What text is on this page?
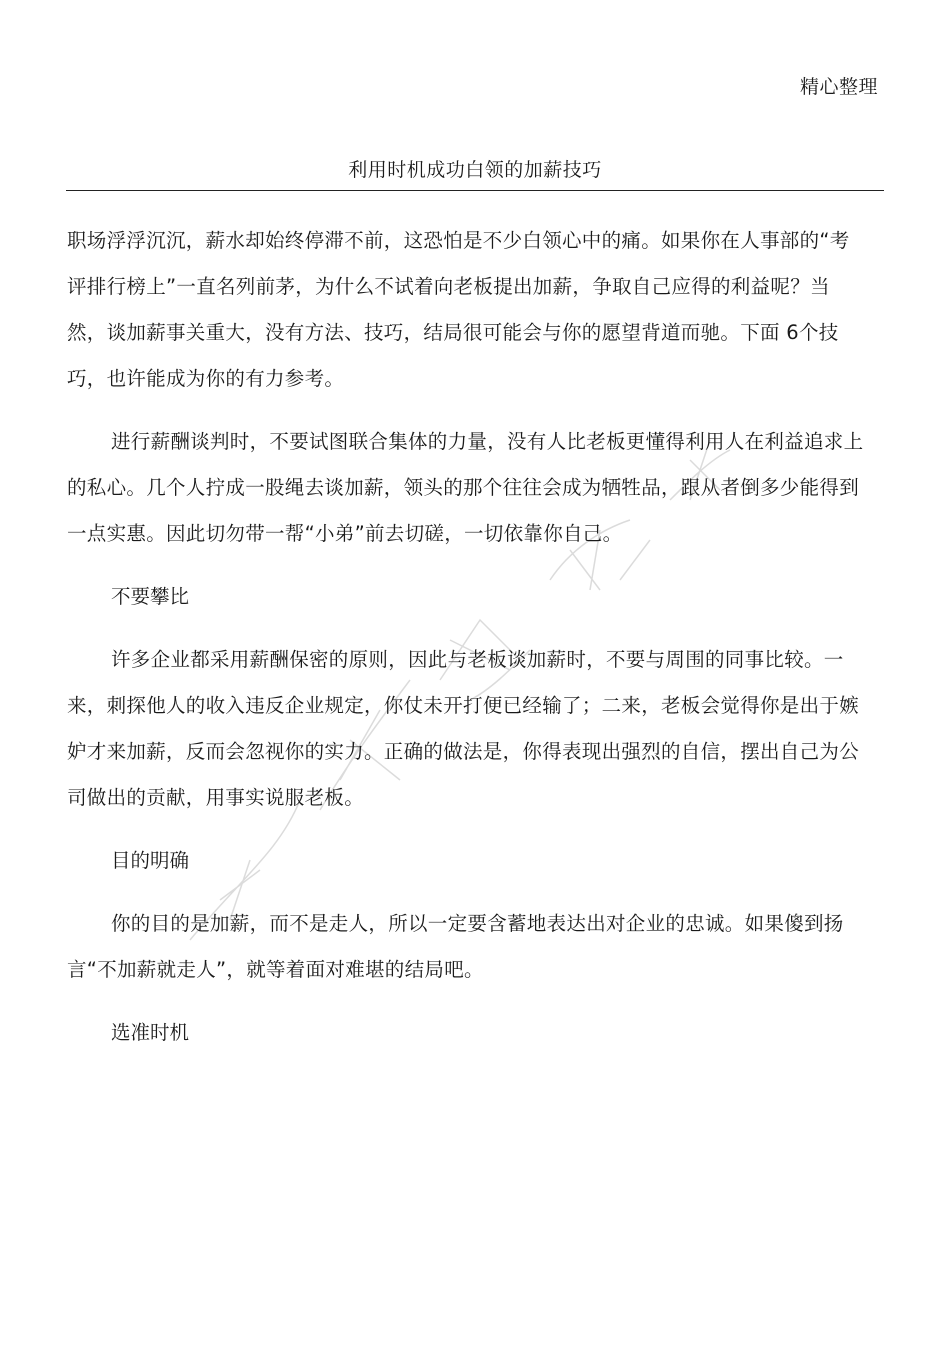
精心整理
利用时机成功白领的加薪技巧

职场浮浮沉沉，薪水却始终停滞不前，这恐怕是不少白领心中的痛。如果你在人事部的“考评排行榜上”一直名列前茅，为什么不试着向老板提出加薪，争取自己应得的利益呢？当然，谈加薪事关重大，没有方法、技巧，结局很可能会与你的愿望背道而驰。下面 6个技巧，也许能成为你的有力参考。

进行薪酬谈判时，不要试图联合集体的力量，没有人比老板更懂得利用人在利益追求上的私心。几个人拧成一股绳去谈加薪，领头的那个往往会成为牺牲品，跟从者倒多少能得到一点实惠。因此切勿带一帮“小弟”前去切磋，一切依靠你自己。

不要攀比

许多企业都采用薪酬保密的原则，因此与老板谈加薪时，不要与周围的同事比较。一来，刺探他人的收入违反企业规定，你仗未开打便已经输了；二来，老板会觉得你是出于嫉妒才来加薪，反而会忽视你的实力。正确的做法是，你得表现出强烈的自信，摆出自己为公司做出的贡献，用事实说服老板。

目的明确

你的目的是加薪，而不是走人，所以一定要含蓄地表达出对企业的忠诚。如果傻到扬言“不加薪就走人”，就等着面对难堪的结局吧。

选准时机
